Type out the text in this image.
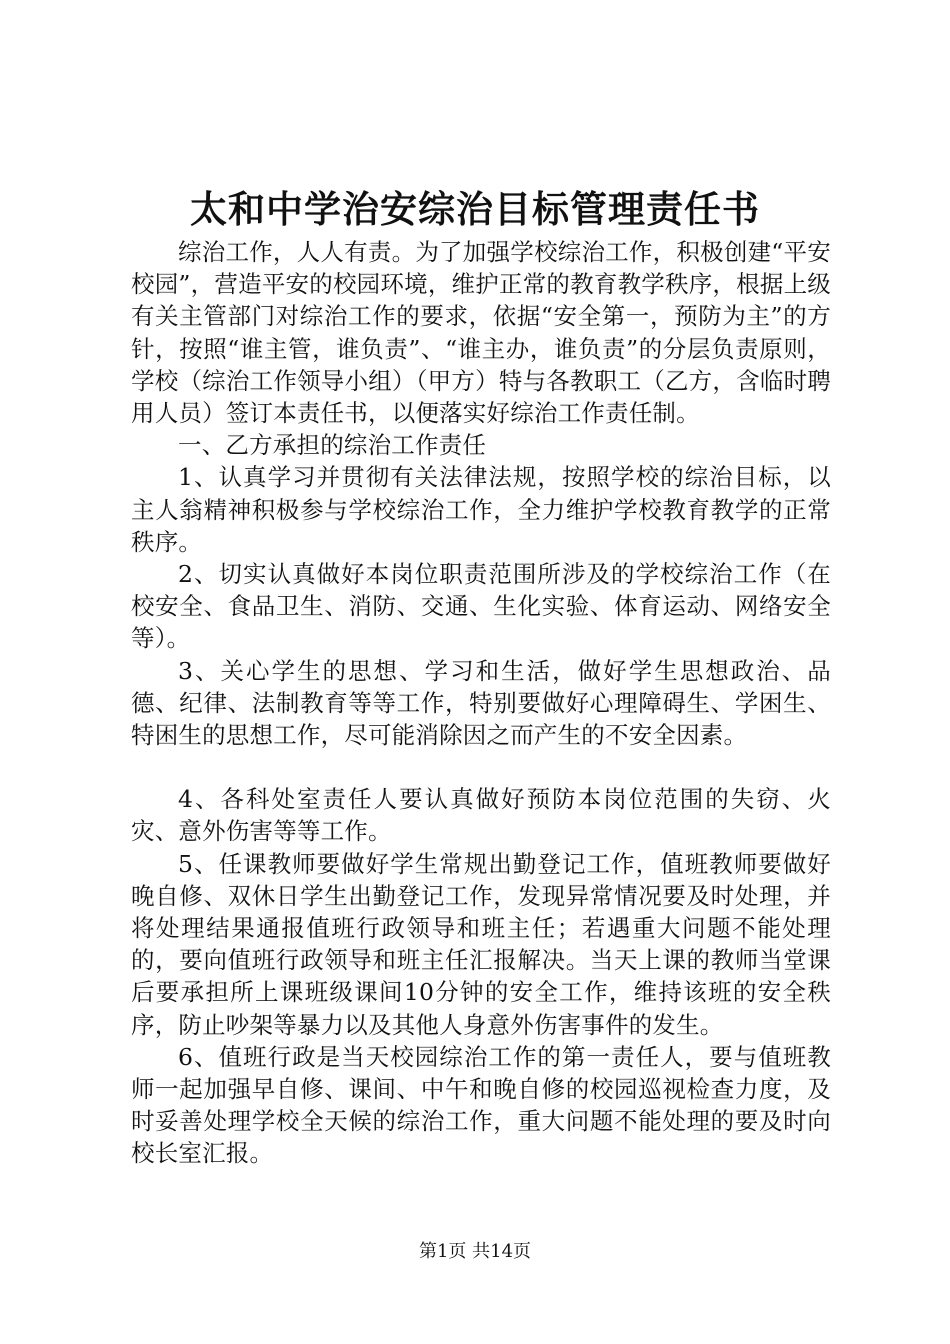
太和中学治安综治目标管理责任书

综治工作，人人有责。为了加强学校综治工作，积极创建“平安校园”，营造平安的校园环境，维护正常的教育教学秩序，根据上级有关主管部门对综治工作的要求，依据“安全第一，预防为主”的方针，按照“谁主管，谁负责”、“谁主办，谁负责”的分层负责原则，学校（综治工作领导小组）（甲方）特与各教职工（乙方，含临时聘用人员）签订本责任书，以便落实好综治工作责任制。

一、乙方承担的综治工作责任

1、认真学习并贯彻有关法律法规，按照学校的综治目标，以主人翁精神积极参与学校综治工作，全力维护学校教育教学的正常秩序。

2、切实认真做好本岗位职责范围所涉及的学校综治工作（在校安全、食品卫生、消防、交通、生化实验、体育运动、网络安全等）。

3、关心学生的思想、学习和生活，做好学生思想政治、品德、纪律、法制教育等等工作，特别要做好心理障碍生、学困生、特困生的思想工作，尽可能消除因之而产生的不安全因素。

4、各科处室责任人要认真做好预防本岗位范围的失窃、火灾、意外伤害等等工作。

5、任课教师要做好学生常规出勤登记工作，值班教师要做好晚自修、双休日学生出勤登记工作，发现异常情况要及时处理，并将处理结果通报值班行政领导和班主任；若遇重大问题不能处理的，要向值班行政领导和班主任汇报解决。当天上课的教师当堂课后要承担所上课班级课间10分钟的安全工作，维持该班的安全秩序，防止吵架等暴力以及其他人身意外伤害事件的发生。

6、值班行政是当天校园综治工作的第一责任人，要与值班教师一起加强早自修、课间、中午和晚自修的校园巡视检查力度，及时妥善处理学校全天候的综治工作，重大问题不能处理的要及时向校长室汇报。

第1页 共14页
